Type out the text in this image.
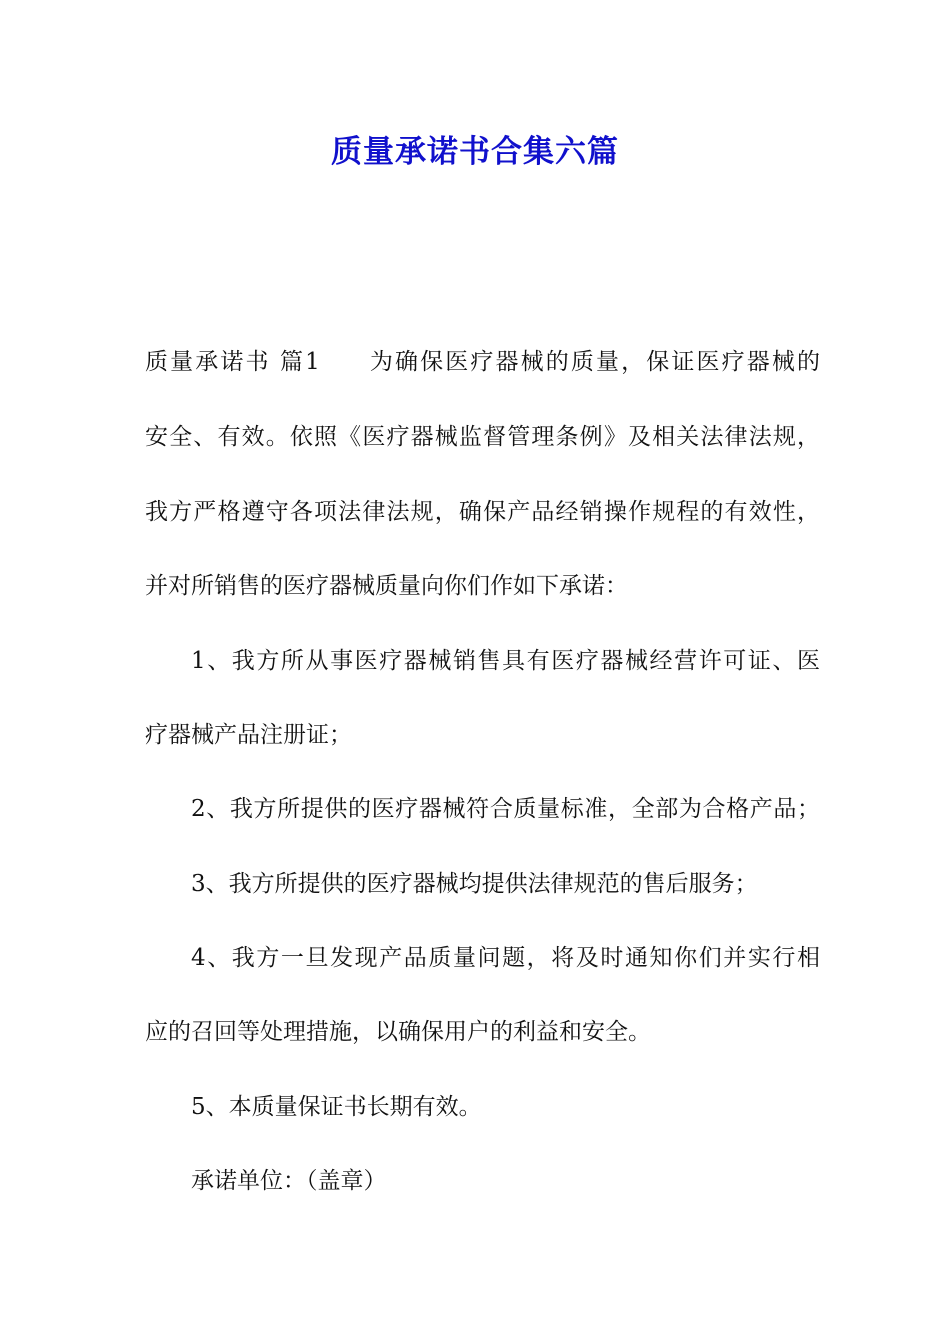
质量承诺书合集六篇
质量承诺书 篇1 为确保医疗器械的质量，保证医疗器械的
安全、有效。依照《医疗器械监督管理条例》及相关法律法规，
我方严格遵守各项法律法规，确保产品经销操作规程的有效性，
并对所销售的医疗器械质量向你们作如下承诺：
1、我方所从事医疗器械销售具有医疗器械经营许可证、医
疗器械产品注册证；
2、我方所提供的医疗器械符合质量标准，全部为合格产品；
3、我方所提供的医疗器械均提供法律规范的售后服务；
4、我方一旦发现产品质量问题，将及时通知你们并实行相
应的召回等处理措施，以确保用户的利益和安全。
5、本质量保证书长期有效。
承诺单位：（盖章）
